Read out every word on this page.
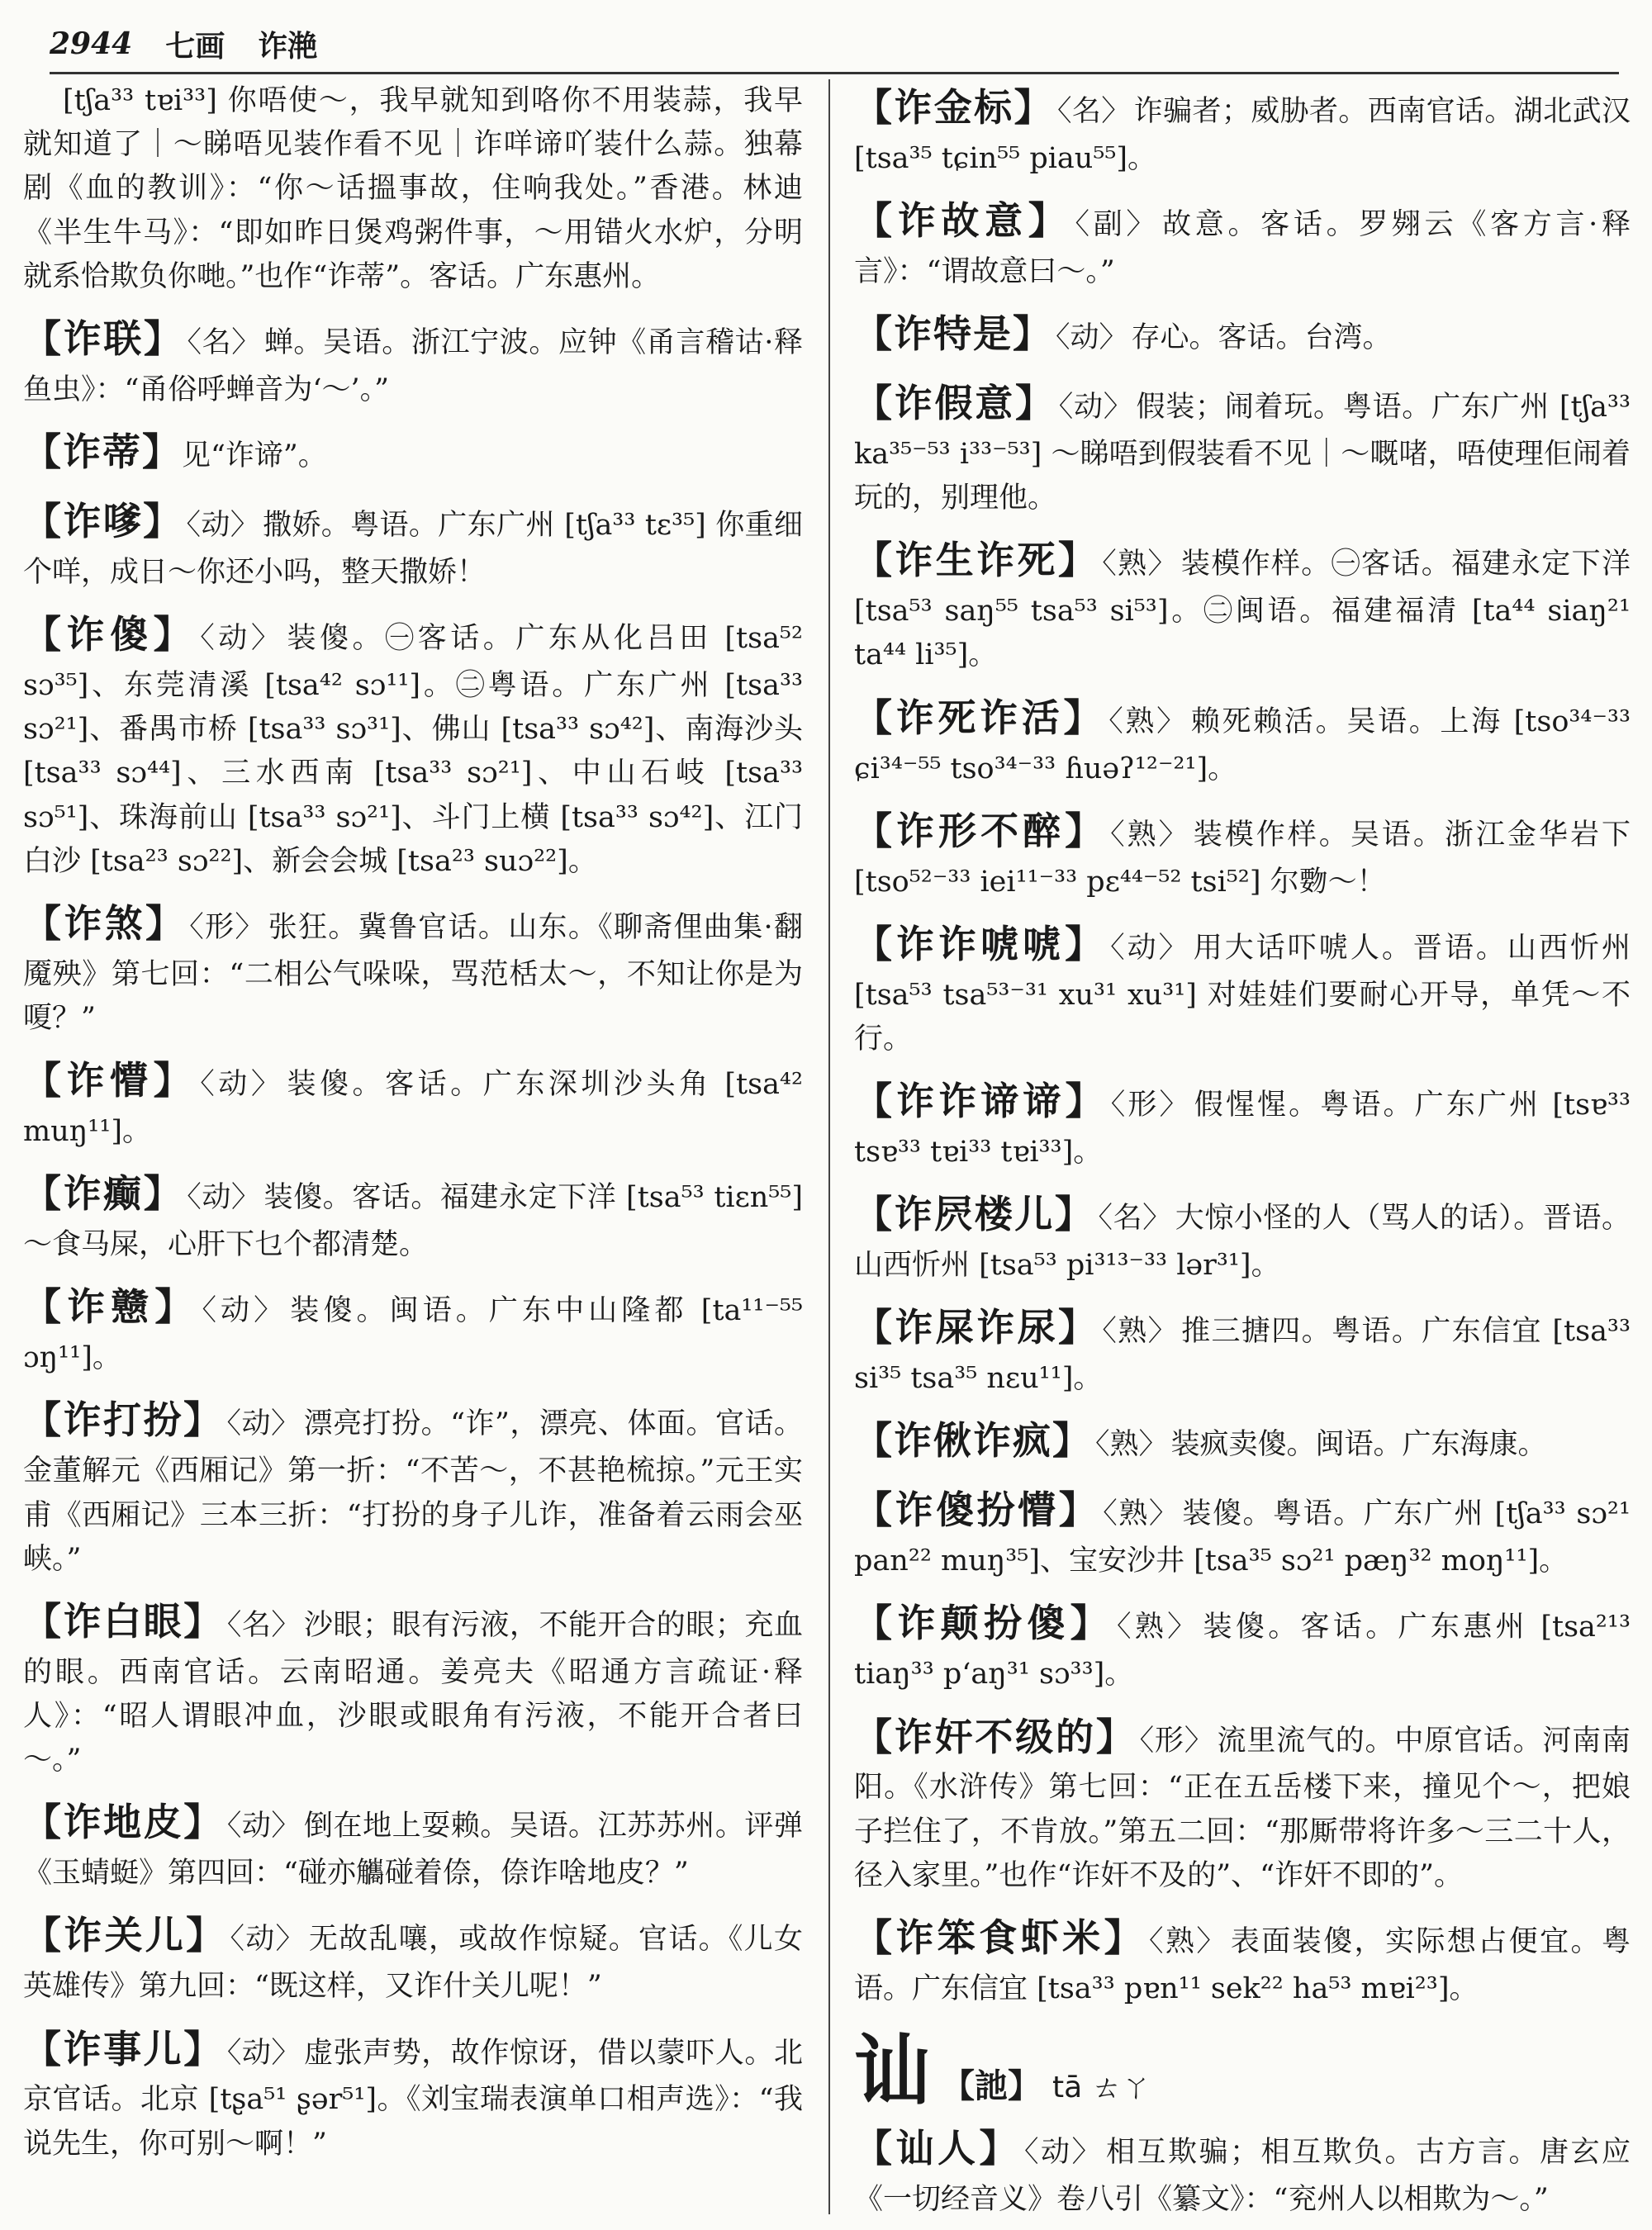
2944 七画 诈滟
[tʃa³³ tɐi³³] 你唔使～，我早就知到咯你不用装蒜，我早就知道了｜～睇唔见装作看不见｜诈咩谛吖装什么蒜。独幕剧《血的教训》：“你～话搵事故，住响我处。”香港。林迪《半生牛马》：“即如昨日煲鸡粥件事，～用错火水炉，分明就系恰欺负你哋。”也作“诈蒂”。客话。广东惠州。
【诈联】 〈名〉 蝉。吴语。浙江宁波。应钟《甬言稽诂·释鱼虫》：“甬俗呼蝉音为‘～’。”
【诈蒂】见“诈谛”。
【诈嗲】 〈动〉 撒娇。粤语。广东广州 [tʃa³³ tɛ³⁵] 你重细个咩，成日～你还小吗，整天撒娇！
【诈傻】 〈动〉 装傻。㊀客话。广东从化吕田 [tsa⁵² sɔ³⁵]、东莞清溪 [tsa⁴² sɔ¹¹]。㊁粤语。广东广州 [tsa³³ sɔ²¹]、番禺市桥 [tsa³³ sɔ³¹]、佛山 [tsa³³ sɔ⁴²]、南海沙头 [tsa³³ sɔ⁴⁴]、三水西南 [tsa³³ sɔ²¹]、中山石岐 [tsa³³ sɔ⁵¹]、珠海前山 [tsa³³ sɔ²¹]、斗门上横 [tsa³³ sɔ⁴²]、江门白沙 [tsa²³ sɔ²²]、新会会城 [tsa²³ suɔ²²]。
【诈煞】 〈形〉 张狂。冀鲁官话。山东。《聊斋俚曲集·翻魇殃》第七回：“二相公气哚哚，骂范栝太～，不知让你是为嗄？”
【诈懵】 〈动〉 装傻。客话。广东深圳沙头角 [tsa⁴² muŋ¹¹]。
【诈癫】 〈动〉 装傻。客话。福建永定下洋 [tsa⁵³ tiɛn⁵⁵] ～食马屎，心肝下乜个都清楚。
【诈戆】 〈动〉 装傻。闽语。广东中山隆都 [ta¹¹⁻⁵⁵ ɔŋ¹¹]。
【诈打扮】 〈动〉 漂亮打扮。“诈”，漂亮、体面。官话。金董解元《西厢记》第一折：“不苦～，不甚艳梳掠。”元王实甫《西厢记》三本三折：“打扮的身子儿诈，准备着云雨会巫峡。”
【诈白眼】 〈名〉 沙眼；眼有污液，不能开合的眼；充血的眼。西南官话。云南昭通。姜亮夫《昭通方言疏证·释人》：“昭人谓眼冲血，沙眼或眼角有污液，不能开合者曰～。”
【诈地皮】 〈动〉 倒在地上耍赖。吴语。江苏苏州。评弹《玉蜻蜓》第四回：“碰亦觿碰着倷，倷诈啥地皮？”
【诈关儿】 〈动〉 无故乱嚷，或故作惊疑。官话。《儿女英雄传》第九回：“既这样，又诈什关儿呢！”
【诈事儿】 〈动〉 虚张声势，故作惊讶，借以蒙吓人。北京官话。北京 [tʂa⁵¹ ʂər⁵¹]。《刘宝瑞表演单口相声选》：“我说先生，你可别～啊！”
【诈金标】 〈名〉 诈骗者；威胁者。西南官话。湖北武汉 [tsa³⁵ tɕin⁵⁵ piau⁵⁵]。
【诈故意】 〈副〉 故意。客话。罗翙云《客方言·释言》：“谓故意曰～。”
【诈特是】 〈动〉 存心。客话。台湾。
【诈假意】 〈动〉 假装；闹着玩。粤语。广东广州 [tʃa³³ ka³⁵⁻⁵³ i³³⁻⁵³] ～睇唔到假装看不见｜～嘅啫，唔使理佢闹着玩的，别理他。
【诈生诈死】 〈熟〉 装模作样。㊀客话。福建永定下洋 [tsa⁵³ saŋ⁵⁵ tsa⁵³ si⁵³]。㊁闽语。福建福清 [ta⁴⁴ siaŋ²¹ ta⁴⁴ li³⁵]。
【诈死诈活】 〈熟〉 赖死赖活。吴语。上海 [tso³⁴⁻³³ ɕi³⁴⁻⁵⁵ tso³⁴⁻³³ ɦuəʔ¹²⁻²¹]。
【诈形不醉】 〈熟〉 装模作样。吴语。浙江金华岩下 [tso⁵²⁻³³ iei¹¹⁻³³ pɛ⁴⁴⁻⁵² tsi⁵²] 尔覅～！
【诈诈唬唬】 〈动〉 用大话吓唬人。晋语。山西忻州 [tsa⁵³ tsa⁵³⁻³¹ xu³¹ xu³¹] 对娃娃们要耐心开导，单凭～不行。
【诈诈谛谛】 〈形〉 假惺惺。粤语。广东广州 [tsɐ³³ tsɐ³³ tɐi³³ tɐi³³]。
【诈屄楼儿】 〈名〉 大惊小怪的人（骂人的话）。晋语。山西忻州 [tsa⁵³ pi³¹³⁻³³ lər³¹]。
【诈屎诈尿】 〈熟〉 推三搪四。粤语。广东信宜 [tsa³³ si³⁵ tsa³⁵ nɛu¹¹]。
【诈偢诈疯】 〈熟〉 装疯卖傻。闽语。广东海康。
【诈傻扮懵】 〈熟〉 装傻。粤语。广东广州 [tʃa³³ sɔ²¹ pan²² muŋ³⁵]、宝安沙井 [tsa³⁵ sɔ²¹ pæŋ³² moŋ¹¹]。
【诈颠扮傻】 〈熟〉 装傻。客话。广东惠州 [tsa²¹³ tiaŋ³³ pʻaŋ³¹ sɔ³³]。
【诈奸不级的】 〈形〉 流里流气的。中原官话。河南南阳。《水浒传》第七回：“正在五岳楼下来，撞见个～，把娘子拦住了，不肯放。”第五二回：“那厮带将许多～三二十人，径入家里。”也作“诈奸不及的”、“诈奸不即的”。
【诈笨食虾米】 〈熟〉 表面装傻，实际想占便宜。粤语。广东信宜 [tsa³³ pɐn¹¹ sek²² ha⁵³ mɐi²³]。
讪 【訑】 tā ㄊㄚ
【讪人】 〈动〉 相互欺骗；相互欺负。古方言。唐玄应《一切经音义》卷八引《纂文》：“兖州人以相欺为～。”
